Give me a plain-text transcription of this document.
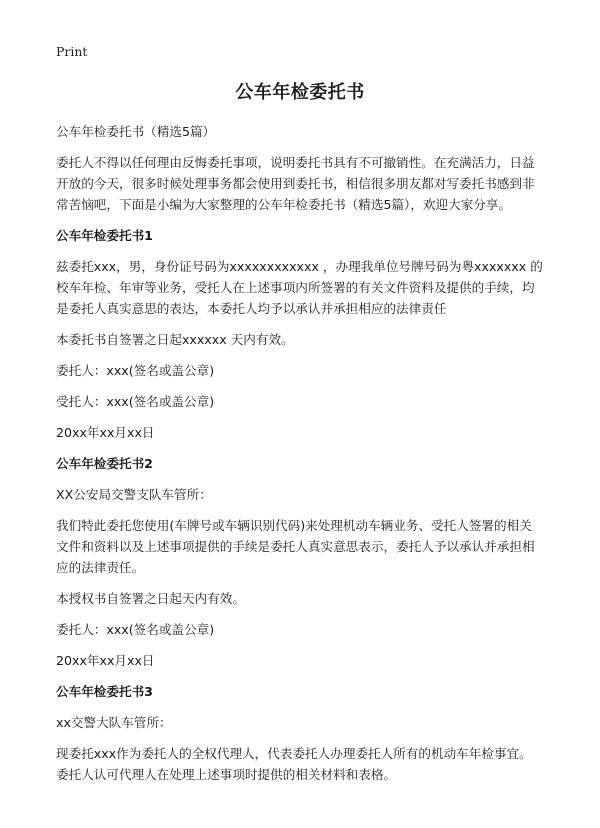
Print

公车年检委托书

公车年检委托书（精选5篇）

委托人不得以任何理由反悔委托事项，说明委托书具有不可撤销性。在充满活力，日益开放的今天，很多时候处理事务都会使用到委托书，相信很多朋友都对写委托书感到非常苦恼吧，下面是小编为大家整理的公车年检委托书（精选5篇），欢迎大家分享。

公车年检委托书1

兹委托xxx，男，身份证号码为xxxxxxxxxxxx ，办理我单位号牌号码为粤xxxxxxx 的校车年检、年审等业务，受托人在上述事项内所签署的有关文件资料及提供的手续，均是委托人真实意思的表达，本委托人均予以承认并承担相应的法律责任

本委托书自签署之日起xxxxxx 天内有效。

委托人：xxx(签名或盖公章)

受托人：xxx(签名或盖公章)

20xx年xx月xx日

公车年检委托书2

XX公安局交警支队车管所：

我们特此委托您使用(车牌号或车辆识别代码)来处理机动车辆业务、受托人签署的相关文件和资料以及上述事项提供的手续是委托人真实意思表示，委托人予以承认并承担相应的法律责任。

本授权书自签署之日起天内有效。

委托人：xxx(签名或盖公章)

20xx年xx月xx日

公车年检委托书3

xx交警大队车管所：

现委托xxx作为委托人的全权代理人，代表委托人办理委托人所有的机动车年检事宜。委托人认可代理人在处理上述事项时提供的相关材料和表格。
